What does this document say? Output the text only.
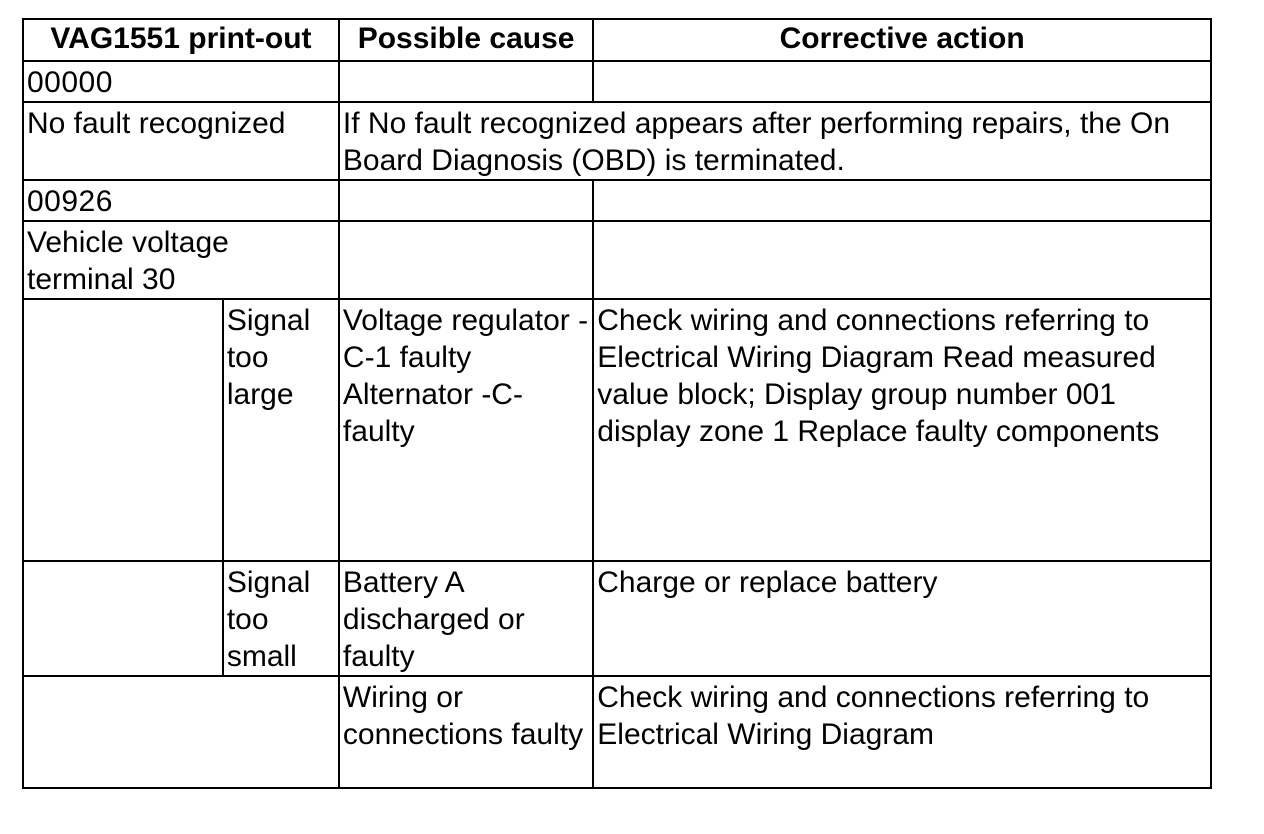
VAG1551 print-out		Possible cause	Corrective action
00000			
No fault recognized		If No fault recognized appears after performing repairs, the On Board Diagnosis (OBD) is terminated.	
00926			
Vehicle voltage terminal 30			
	Signal too large	Voltage regulator -C-1 faulty Alternator -C- faulty	Check wiring and connections referring to Electrical Wiring Diagram Read measured value block; Display group number 001 display zone 1 Replace faulty components
	Signal too small	Battery A discharged or faulty	Charge or replace battery
		Wiring or connections faulty	Check wiring and connections referring to Electrical Wiring Diagram
